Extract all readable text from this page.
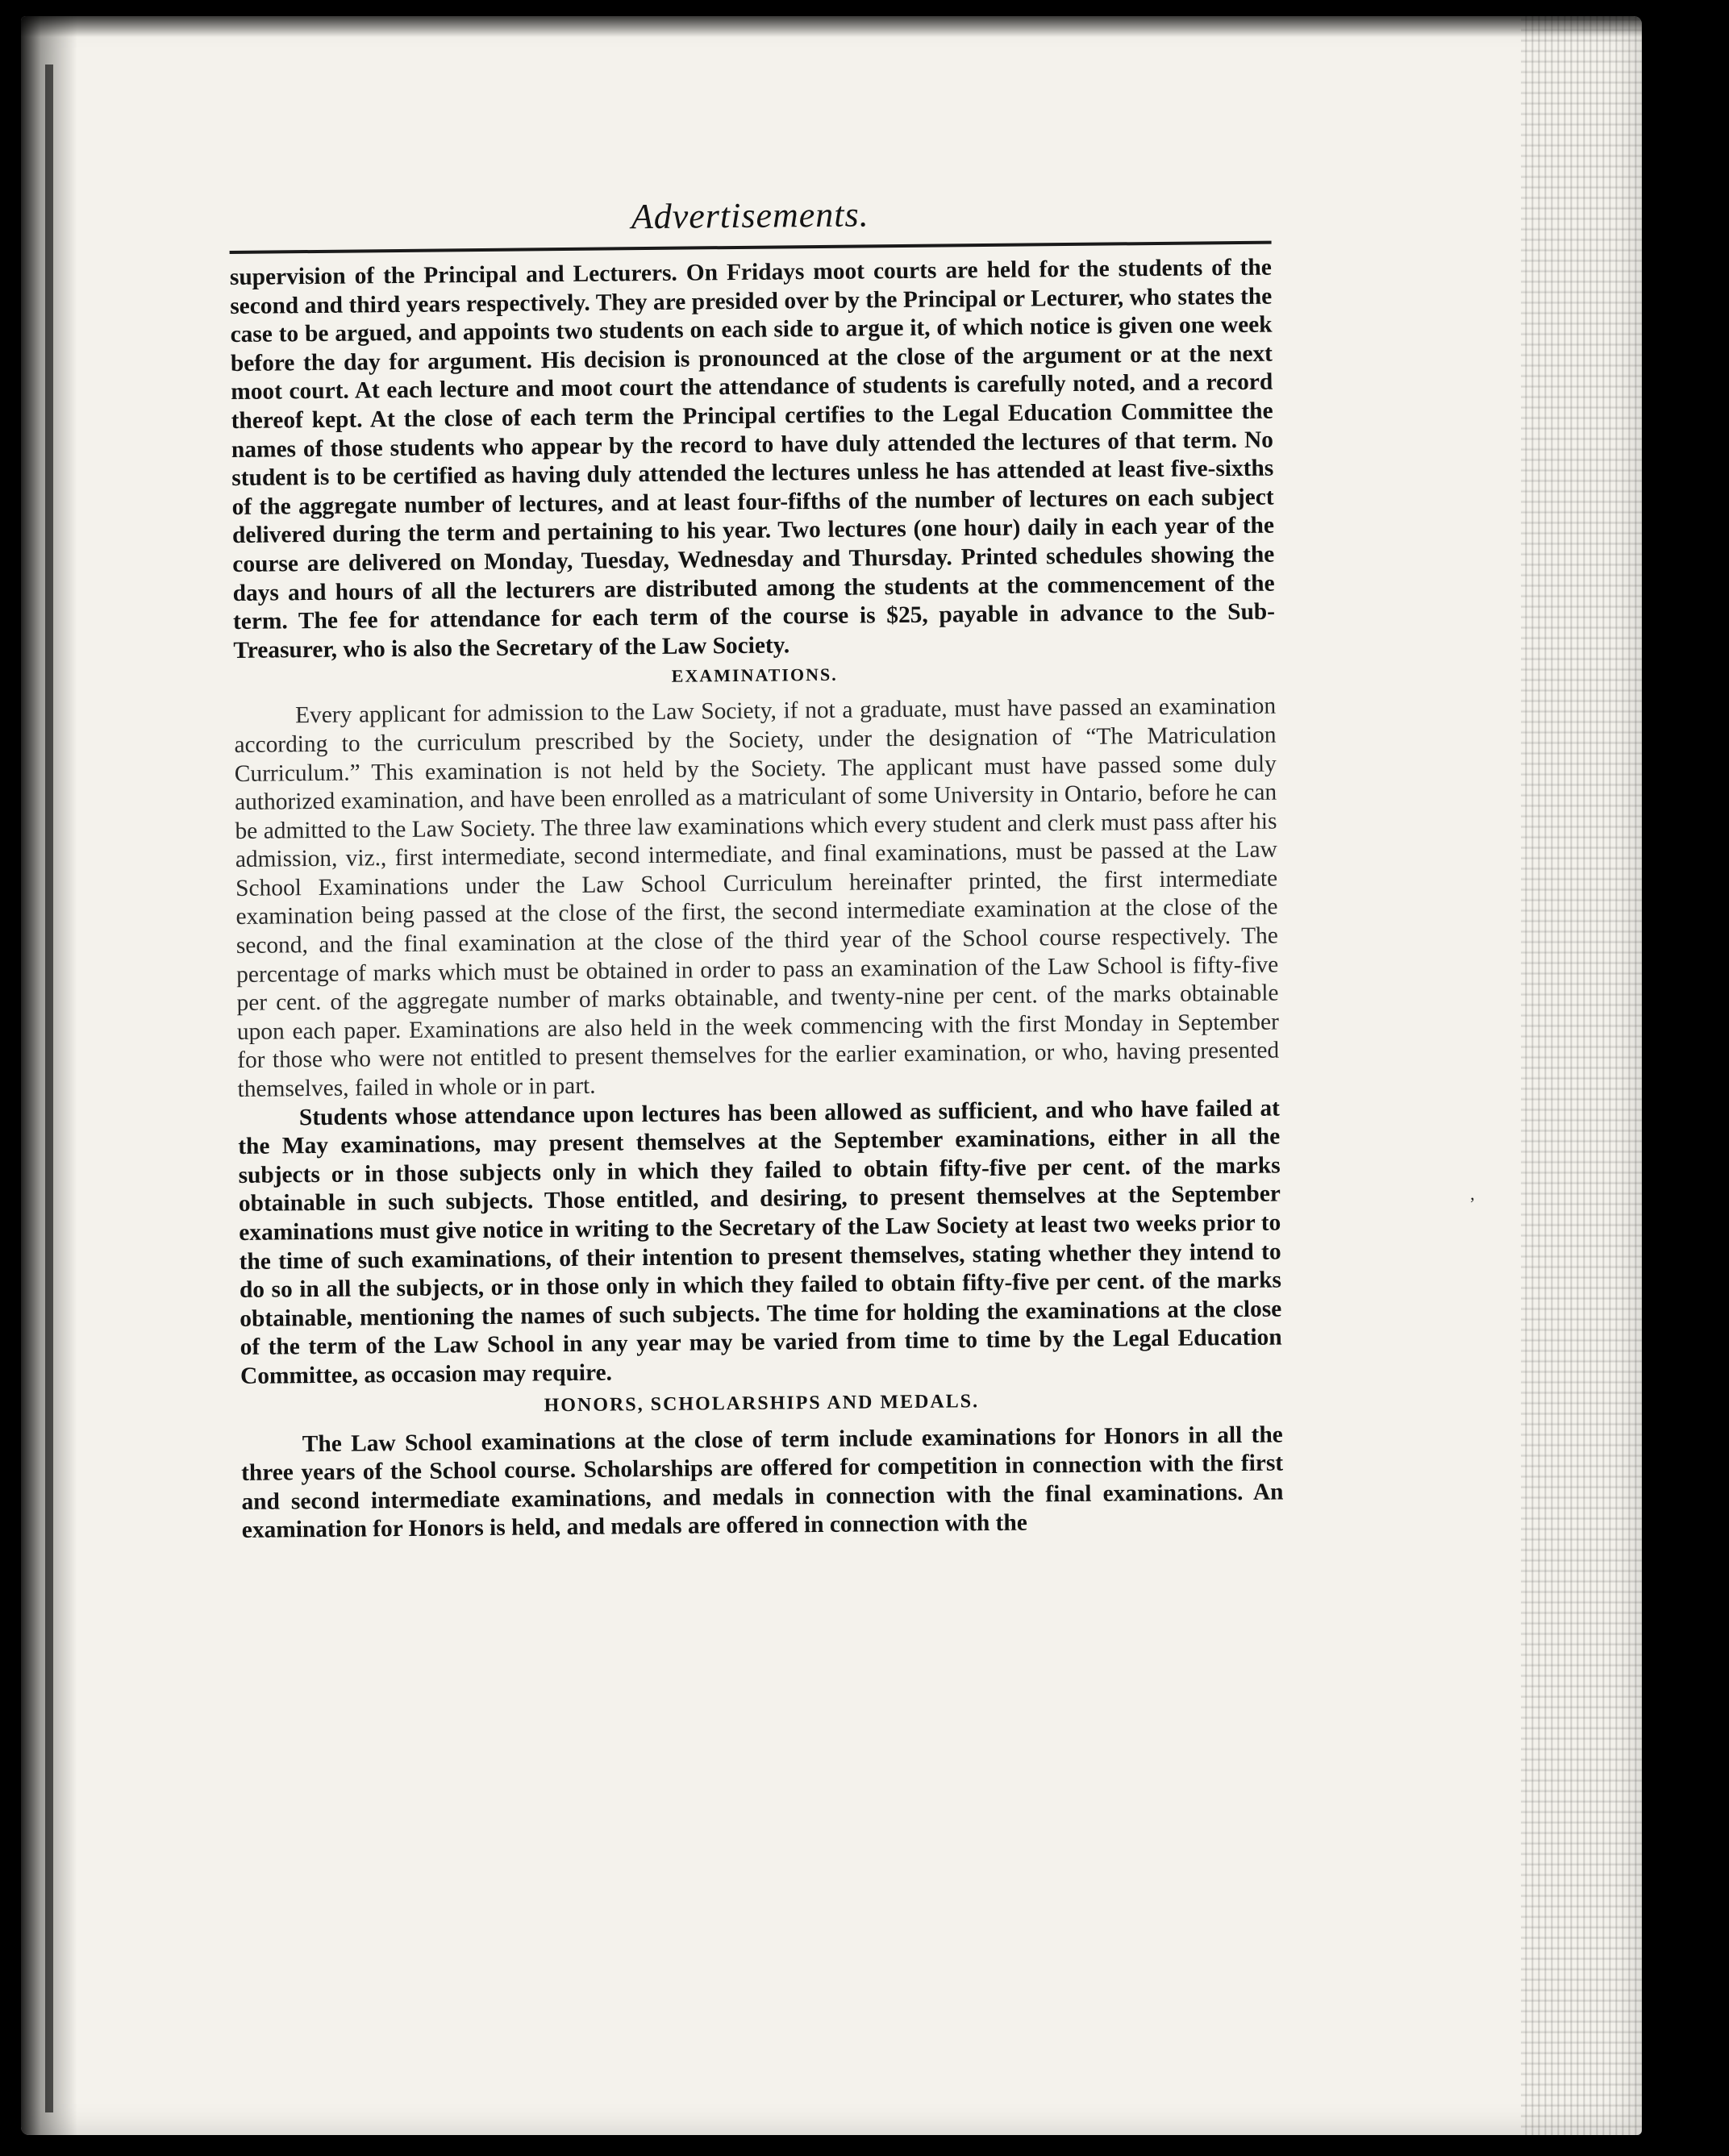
Advertisements.

supervision of the Principal and Lecturers. On Fridays moot courts are held for the students of the second and third years respectively. They are presided over by the Principal or Lecturer, who states the case to be argued, and appoints two students on each side to argue it, of which notice is given one week before the day for argument. His decision is pronounced at the close of the argument or at the next moot court. At each lecture and moot court the attendance of students is carefully noted, and a record thereof kept. At the close of each term the Principal certifies to the Legal Education Committee the names of those students who appear by the record to have duly attended the lectures of that term. No student is to be certified as having duly attended the lectures unless he has attended at least five-sixths of the aggregate number of lectures, and at least four-fifths of the number of lectures on each subject delivered during the term and pertaining to his year. Two lectures (one hour) daily in each year of the course are delivered on Monday, Tuesday, Wednesday and Thursday. Printed schedules showing the days and hours of all the lecturers are distributed among the students at the commencement of the term. The fee for attendance for each term of the course is $25, payable in advance to the Sub-Treasurer, who is also the Secretary of the Law Society.

EXAMINATIONS.

Every applicant for admission to the Law Society, if not a graduate, must have passed an examination according to the curriculum prescribed by the Society, under the designation of “The Matriculation Curriculum.” This examination is not held by the Society. The applicant must have passed some duly authorized examination, and have been enrolled as a matriculant of some University in Ontario, before he can be admitted to the Law Society. The three law examinations which every student and clerk must pass after his admission, viz., first intermediate, second intermediate, and final examinations, must be passed at the Law School Examinations under the Law School Curriculum hereinafter printed, the first intermediate examination being passed at the close of the first, the second intermediate examination at the close of the second, and the final examination at the close of the third year of the School course respectively. The percentage of marks which must be obtained in order to pass an examination of the Law School is fifty-five per cent. of the aggregate number of marks obtainable, and twenty-nine per cent. of the marks obtainable upon each paper. Examinations are also held in the week commencing with the first Monday in September for those who were not entitled to present themselves for the earlier examination, or who, having presented themselves, failed in whole or in part.

Students whose attendance upon lectures has been allowed as sufficient, and who have failed at the May examinations, may present themselves at the September examinations, either in all the subjects or in those subjects only in which they failed to obtain fifty-five per cent. of the marks obtainable in such subjects. Those entitled, and desiring, to present themselves at the September examinations must give notice in writing to the Secretary of the Law Society at least two weeks prior to the time of such examinations, of their intention to present themselves, stating whether they intend to do so in all the subjects, or in those only in which they failed to obtain fifty-five per cent. of the marks obtainable, mentioning the names of such subjects. The time for holding the examinations at the close of the term of the Law School in any year may be varied from time to time by the Legal Education Committee, as occasion may require.

HONORS, SCHOLARSHIPS AND MEDALS.

The Law School examinations at the close of term include examinations for Honors in all the three years of the School course. Scholarships are offered for competition in connection with the first and second intermediate examinations, and medals in connection with the final examinations. An examination for Honors is held, and medals are offered in connection with the

’
